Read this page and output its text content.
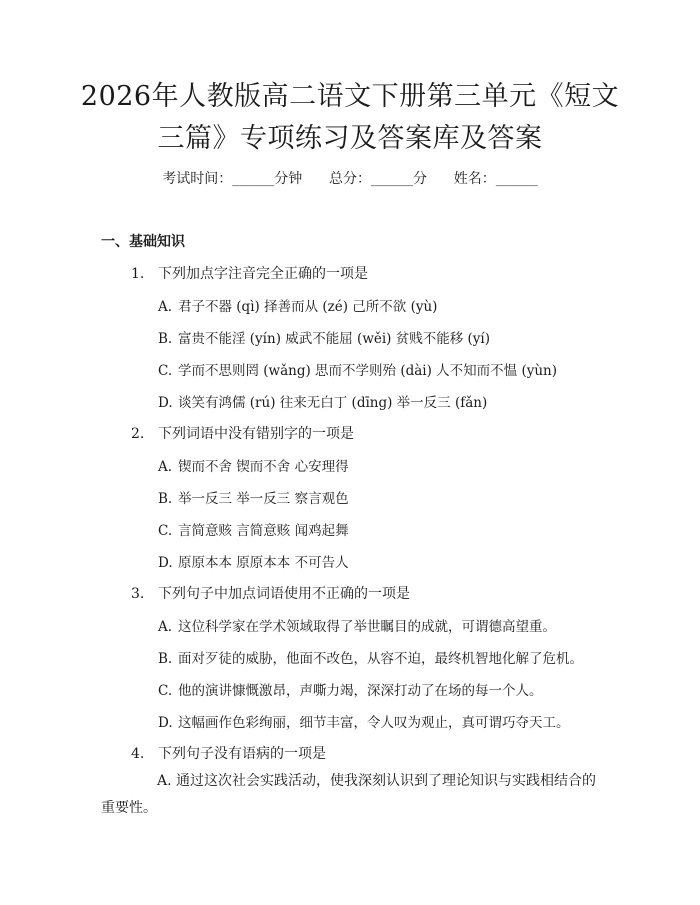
2026年人教版高二语文下册第三单元《短文
三篇》专项练习及答案库及答案
考试时间：______分钟 总分：______分 姓名：______
一、基础知识
1. 下列加点字注音完全正确的一项是
A. 君子不器 (qì) 择善而从 (zé) 己所不欲 (yù)
B. 富贵不能淫 (yín) 威武不能屈 (wěi) 贫贱不能移 (yí)
C. 学而不思则罔 (wǎng) 思而不学则殆 (dài) 人不知而不愠 (yùn)
D. 谈笑有鸿儒 (rú) 往来无白丁 (dīng) 举一反三 (fǎn)
2. 下列词语中没有错别字的一项是
A. 锲而不舍 锲而不舍 心安理得
B. 举一反三 举一反三 察言观色
C. 言简意赅 言简意赅 闻鸡起舞
D. 原原本本 原原本本 不可告人
3. 下列句子中加点词语使用不正确的一项是
A. 这位科学家在学术领域取得了举世瞩目的成就，可谓德高望重。
B. 面对歹徒的威胁，他面不改色，从容不迫，最终机智地化解了危机。
C. 他的演讲慷慨激昂，声嘶力竭，深深打动了在场的每一个人。
D. 这幅画作色彩绚丽，细节丰富，令人叹为观止，真可谓巧夺天工。
4. 下列句子没有语病的一项是
A. 通过这次社会实践活动，使我深刻认识到了理论知识与实践相结合的重要性。
